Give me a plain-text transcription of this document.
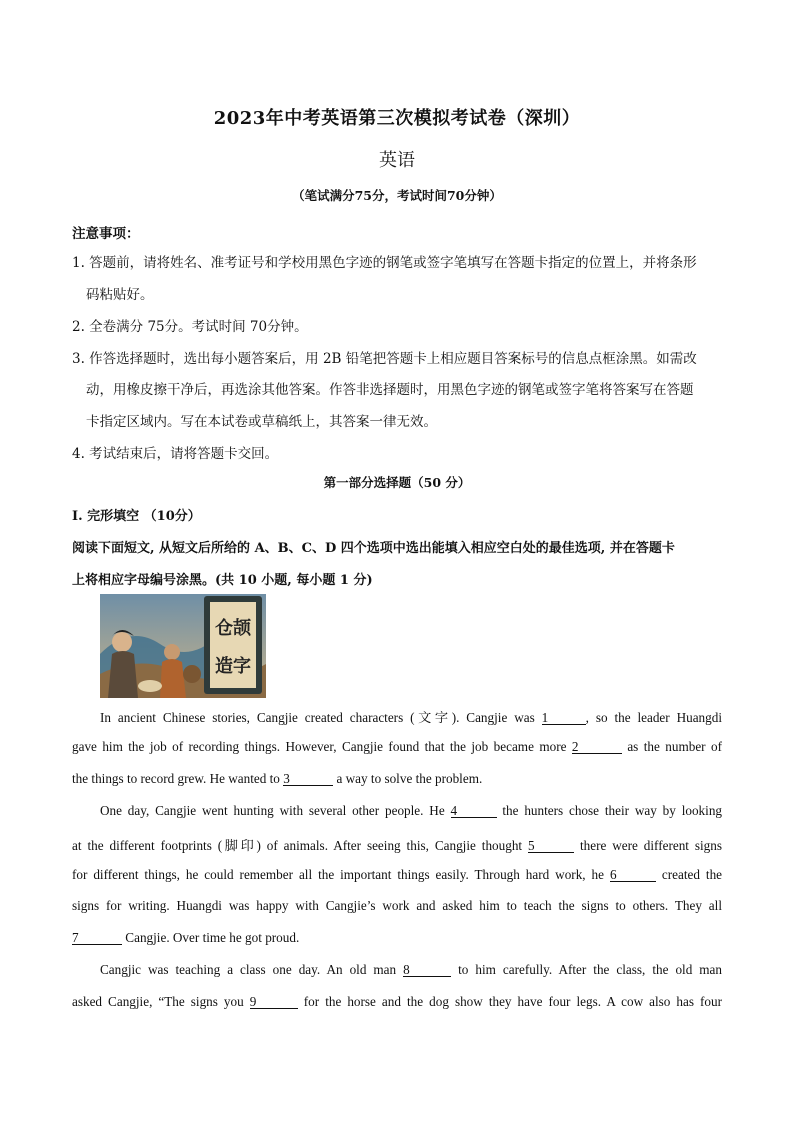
2023年中考英语第三次模拟考试卷（深圳）
英语
（笔试满分75分，考试时间70分钟）
注意事项：
1. 答题前，请将姓名、准考证号和学校用黑色字迹的钢笔或签字笔填写在答题卡指定的位置上，并将条形
码粘贴好。
2. 全卷满分 75分。考试时间 70分钟。
3. 作答选择题时，选出每小题答案后，用 2B 铅笔把答题卡上相应题目答案标号的信息点框涂黑。如需改
动，用橡皮擦干净后，再选涂其他答案。作答非选择题时，用黑色字迹的钢笔或签字笔将答案写在答题
卡指定区域内。写在本试卷或草稿纸上，其答案一律无效。
4. 考试结束后，请将答题卡交回。
第一部分选择题（50 分）
I. 完形填空 （10分）
阅读下面短文, 从短文后所给的 A、B、C、D 四个选项中选出能填入相应空白处的最佳选项, 并在答题卡
上将相应字母编号涂黑。(共 10 小题, 每小题 1 分)
仓颉
造字
In ancient Chinese stories, Cangjie created characters (文字). Cangjie was 1	, so the leader Huangdi
gave him the job of recording things. However, Cangjie found that the job became more 2	as the number of
the things to record grew. He wanted to 3	a way to solve the problem.
One day, Cangjie went hunting with several other people. He 4	the hunters chose their way by looking
at the different footprints (脚印) of animals. After seeing this, Cangjie thought 5	there were different signs
for different things, he could remember all the important things easily. Through hard work, he 6	created the
signs for writing. Huangdi was happy with Cangjie’s work and asked him to teach the signs to others. They all
7	Cangjie. Over time he got proud.
Cangjic was teaching a class one day. An old man 8	to him carefully. After the class, the old man
asked Cangjie, “The signs you 9	for the horse and the dog show they have four legs. A cow also has four
